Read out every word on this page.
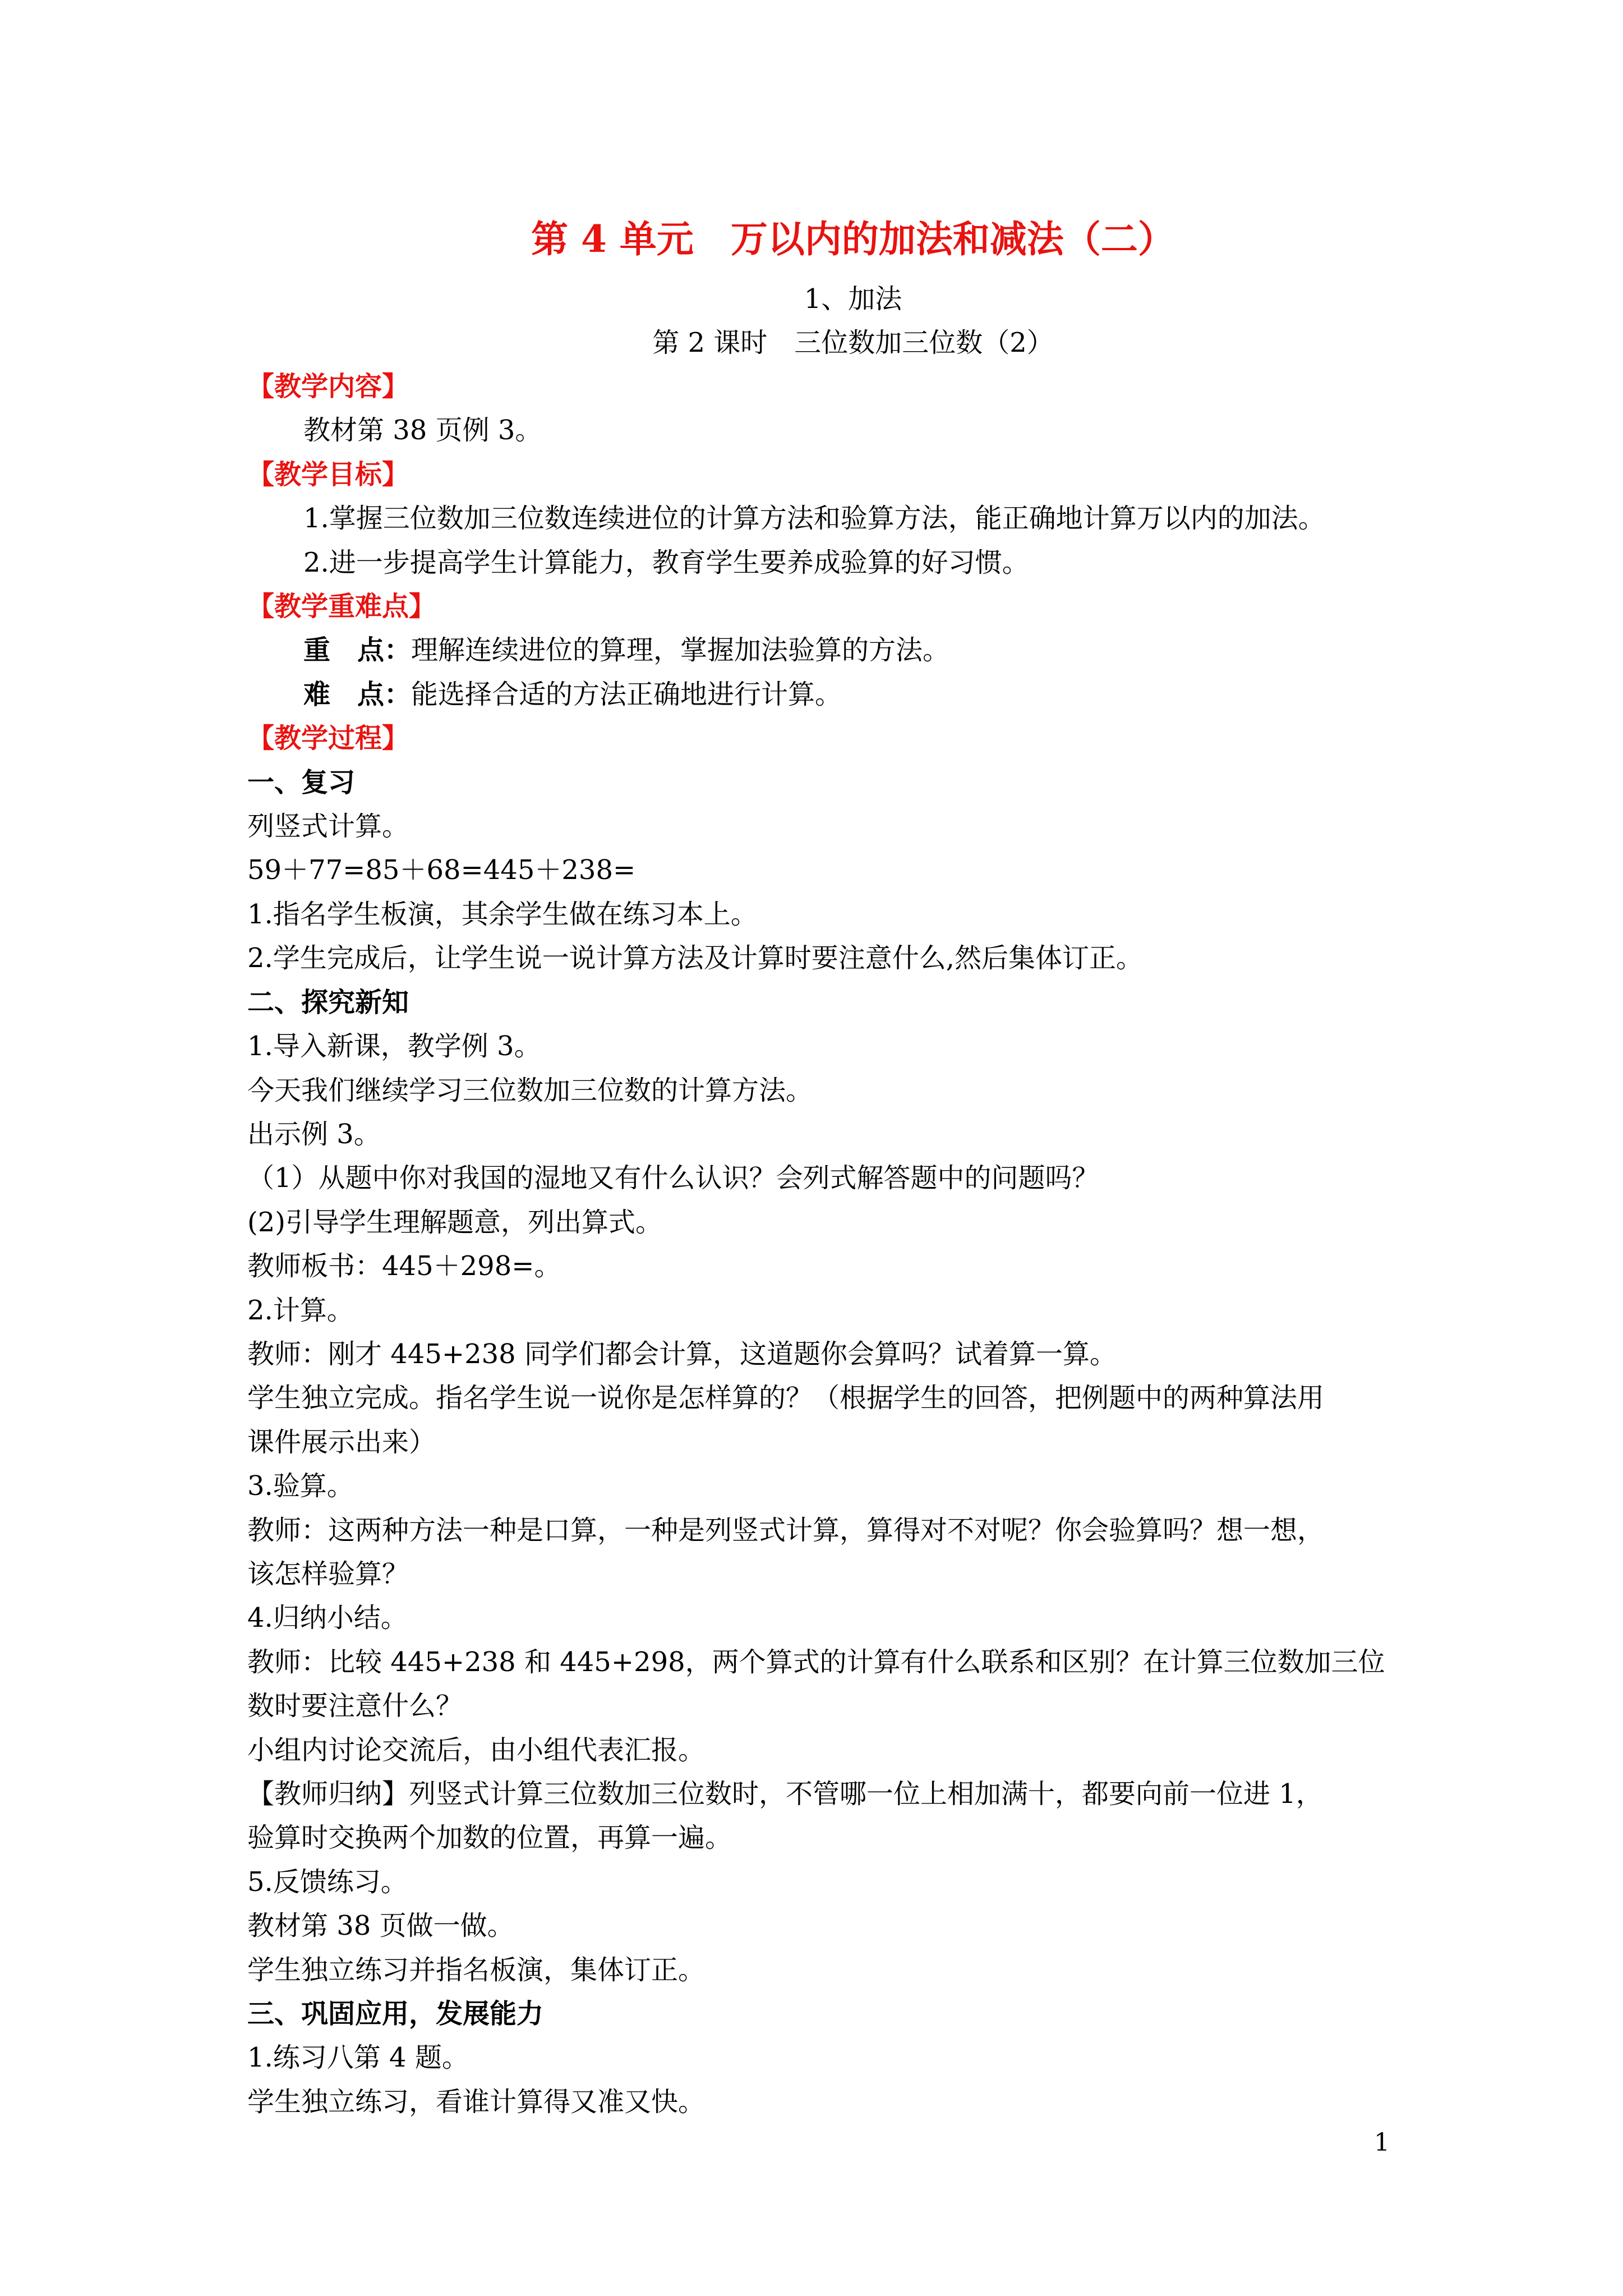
第 4 单元　万以内的加法和减法（二）
1、加法
第 2 课时　三位数加三位数（2）
【教学内容】
教材第 38 页例 3。
【教学目标】
1.掌握三位数加三位数连续进位的计算方法和验算方法，能正确地计算万以内的加法。
2.进一步提高学生计算能力，教育学生要养成验算的好习惯。
【教学重难点】
重　点：理解连续进位的算理，掌握加法验算的方法。
难　点：能选择合适的方法正确地进行计算。
【教学过程】
一、复习
列竖式计算。
59＋77=85＋68=445＋238=
1.指名学生板演，其余学生做在练习本上。
2.学生完成后，让学生说一说计算方法及计算时要注意什么,然后集体订正。
二、探究新知
1.导入新课，教学例 3。
今天我们继续学习三位数加三位数的计算方法。
出示例 3。
（1）从题中你对我国的湿地又有什么认识？会列式解答题中的问题吗？
(2)引导学生理解题意，列出算式。
教师板书：445＋298=。
2.计算。
教师：刚才 445+238 同学们都会计算，这道题你会算吗？试着算一算。
学生独立完成。指名学生说一说你是怎样算的？（根据学生的回答，把例题中的两种算法用
课件展示出来）
3.验算。
教师：这两种方法一种是口算，一种是列竖式计算，算得对不对呢？你会验算吗？想一想，
该怎样验算？
4.归纳小结。
教师：比较 445+238 和 445+298，两个算式的计算有什么联系和区别？在计算三位数加三位
数时要注意什么？
小组内讨论交流后，由小组代表汇报。
【教师归纳】列竖式计算三位数加三位数时，不管哪一位上相加满十，都要向前一位进 1，
验算时交换两个加数的位置，再算一遍。
5.反馈练习。
教材第 38 页做一做。
学生独立练习并指名板演，集体订正。
三、巩固应用，发展能力
1.练习八第 4 题。
学生独立练习，看谁计算得又准又快。
1
